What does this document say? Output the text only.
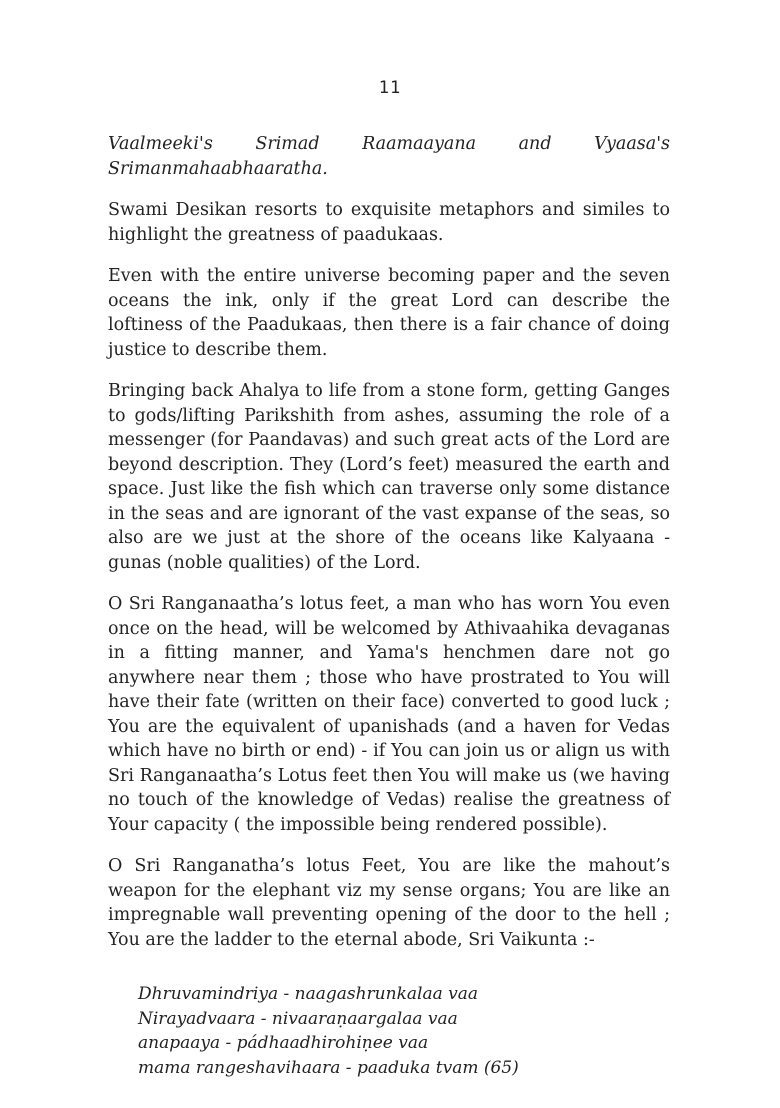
11
Vaalmeeki's Srimad Raamaayana and Vyaasa's
Srimanmahaabhaaratha.

Swami Desikan resorts to exquisite metaphors and similes to highlight the greatness of paadukaas.

Even with the entire universe becoming paper and the seven oceans the ink, only if the great Lord can describe the loftiness of the Paadukaas, then there is a fair chance of doing justice to describe them.

Bringing back Ahalya to life from a stone form, getting Ganges to gods/lifting Parikshith from ashes, assuming the role of a messenger (for Paandavas) and such great acts of the Lord are beyond description. They (Lord’s feet) measured the earth and space. Just like the fish which can traverse only some distance in the seas and are ignorant of the vast expanse of the seas, so also are we just at the shore of the oceans like Kalyaana -gunas (noble qualities) of the Lord.

O Sri Ranganaatha’s lotus feet, a man who has worn You even once on the head, will be welcomed by Athivaahika devaganas in a fitting manner, and Yama's henchmen dare not go anywhere near them ; those who have prostrated to You will have their fate (written on their face) converted to good luck ; You are the equivalent of upanishads (and a haven for Vedas which have no birth or end) - if You can join us or align us with Sri Ranganaatha’s Lotus feet then You will make us (we having no touch of the knowledge of Vedas) realise the greatness of Your capacity ( the impossible being rendered possible).

O Sri Ranganatha’s lotus Feet, You are like the mahout’s weapon for the elephant viz my sense organs; You are like an impregnable wall preventing opening of the door to the hell ; You are the ladder to the eternal abode, Sri Vaikunta :-

Dhruvamindriya - naagashrunkalaa vaa
Nirayadvaara - nivaaraṇaargalaa vaa
anapaaya - pádhaadhirohiṇee vaa
mama rangeshavihaara - paaduka tvam (65)
